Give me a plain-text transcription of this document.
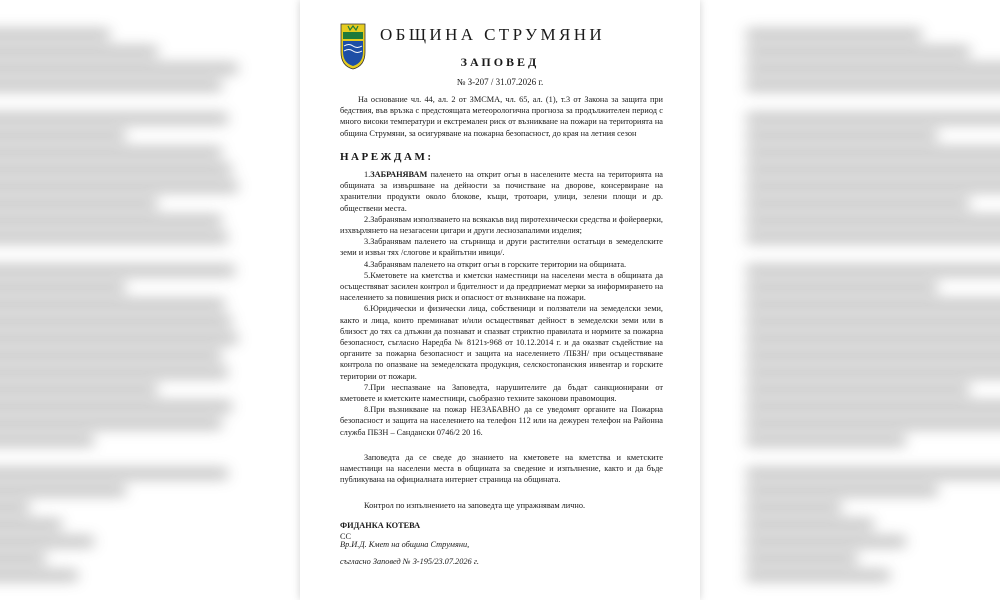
ОБЩИНА СТРУМЯНИ
ЗАПОВЕД
№ З-207 / 31.07.2026 г.

На основание чл. 44, ал. 2 от ЗМСМА, чл. 65, ал. (1), т.3 от Закона за защита при бедствия, във връзка с предстоящата метеорологична прогноза за продължителен период с много високи температури и екстремален риск от възникване на пожари на територията на община Струмяни, за осигуряване на пожарна безопасност, до края на летния сезон

НАРЕЖДАМ:

1.ЗАБРАНЯВАМ паленето на открит огън в населените места на територията на общината за извършване на дейности за почистване на дворове, консервиране на хранителни продукти около блокове, къщи, тротоари, улици, зелени площи и др. обществени места.

2.Забранявам използването на всякакъв вид пиротехнически средства и фойерверки, изхвърлянето на незагасени цигари и други леснозапалими изделия;

3.Забранявам паленето на стърнища и други растителни остатъци в земеделските земи и извън тях /слогове и крайпътни ивици/.

4.Забранявам паленето на открит огън в горските територии на общината.

5.Кметовете на кметства и кметски наместници на населени места в общината да осъществяват засилен контрол и бдителност и да предприемат мерки за информирането на населението за повишения риск и опасност от възникване на пожари.

6.Юридически и физически лица, собственици и ползватели на земеделски земи, както и лица, които преминават и/или осъществяват дейност в земеделски земи или в близост до тях са длъжни да познават и спазват стриктно правилата и нормите за пожарна безопасност, съгласно Наредба № 8121з-968 от 10.12.2014 г. и да оказват съдействие на органите за пожарна безопасност и защита на населението /ПБЗН/ при осъществяване контрола по опазване на земеделската продукция, селскостопанския инвентар и горските територии от пожари.

7.При неспазване на Заповедта, нарушителите да бъдат санкционирани от кметовете и кметските наместници, съобразно техните законови правомощия.

8.При възникване на пожар НЕЗАБАВНО да се уведомят органите на Пожарна безопасност и защита на населението на телефон 112 или на дежурен телефон на Районна служба ПБЗН – Сандански 0746/2 20 16.

Заповедта да се сведе до знанието на кметовете на кметства и кметските наместници на населени места в общината за сведение и изпълнение, както и да бъде публикувана на официалната интернет страница на общината.

Контрол по изпълнението на заповедта ще упражнявам лично.

СС

ФИДАНКА КОТЕВА

Вр.И.Д. Кмет на община Струмяни,

съгласно Заповед № З-195/23.07.2026 г.
